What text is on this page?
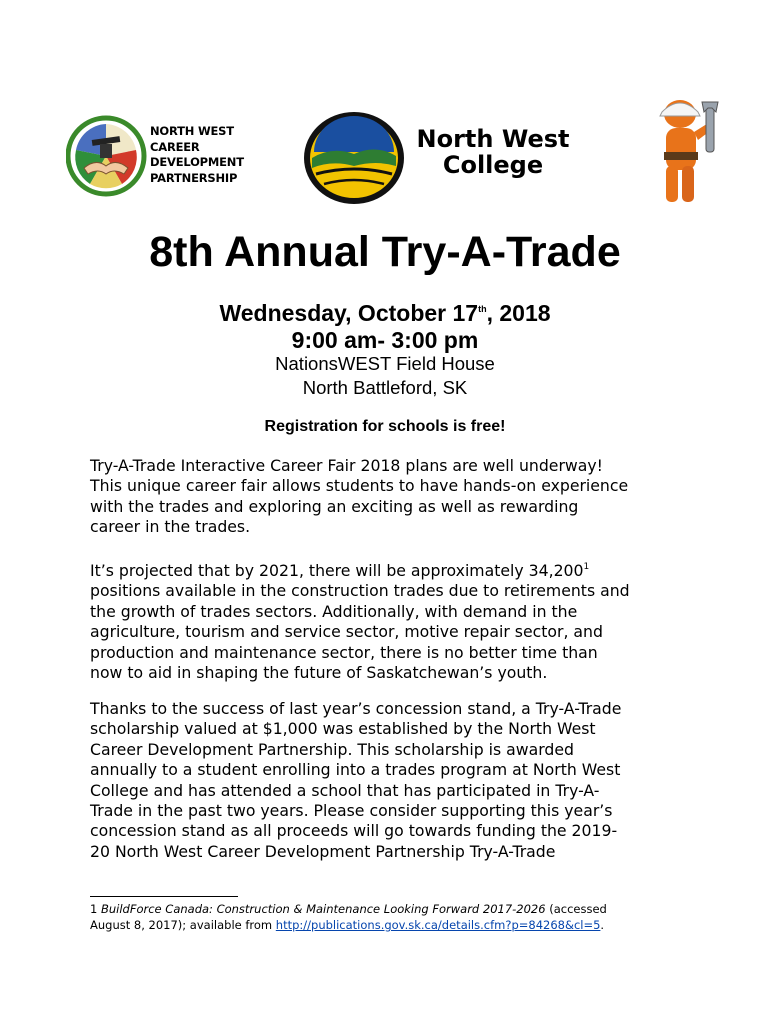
NORTH WEST
CAREER
DEVELOPMENT
PARTNERSHIP
North West
College
8th Annual Try-A-Trade
Wednesday, October 17th, 2018
9:00 am- 3:00 pm
NationsWEST Field House
North Battleford, SK
Registration for schools is free!

Try-A-Trade Interactive Career Fair 2018 plans are well underway!
This unique career fair allows students to have hands-on experience
with the trades and exploring an exciting as well as rewarding
career in the trades.

It’s projected that by 2021, there will be approximately 34,200$^1$
positions available in the construction trades due to retirements and
the growth of trades sectors. Additionally, with demand in the
agriculture, tourism and service sector, motive repair sector, and
production and maintenance sector, there is no better time than
now to aid in shaping the future of Saskatchewan’s youth.

Thanks to the success of last year’s concession stand, a Try-A-Trade
scholarship valued at $1,000 was established by the North West
Career Development Partnership. This scholarship is awarded
annually to a student enrolling into a trades program at North West
College and has attended a school that has participated in Try-A-
Trade in the past two years. Please consider supporting this year’s
concession stand as all proceeds will go towards funding the 2019-
20 North West Career Development Partnership Try-A-Trade

1 BuildForce Canada: Construction & Maintenance Looking Forward 2017-2026 (accessed
August 8, 2017); available from http://publications.gov.sk.ca/details.cfm?p=84268&cl=5.
